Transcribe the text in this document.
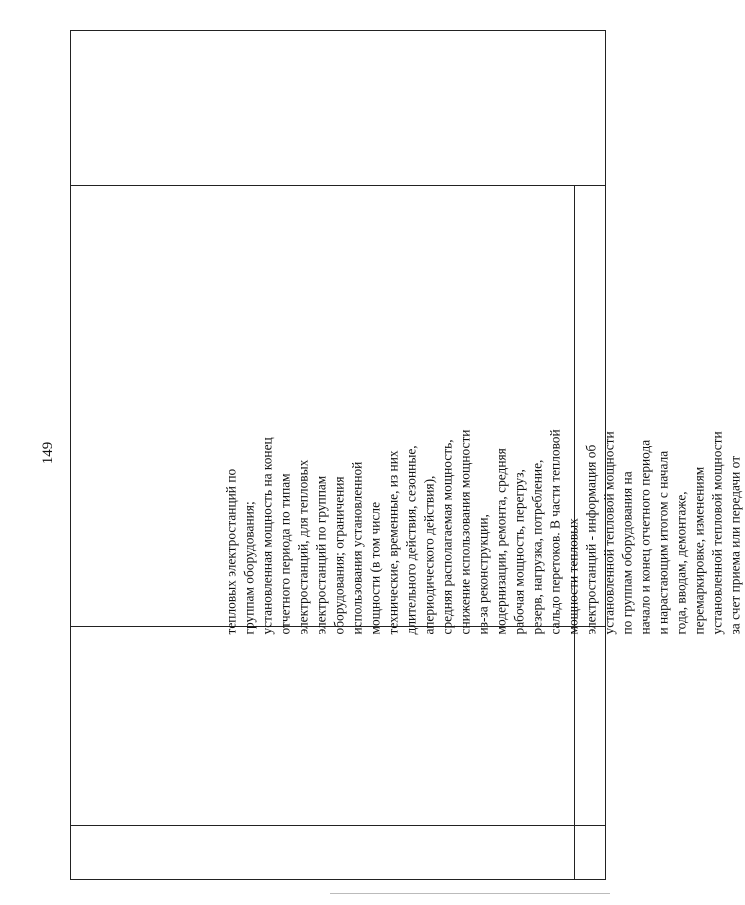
149
тепловых электростанций по группам оборудования; установленная мощность на конец отчетного периода по типам электростанций, для тепловых электростанций по группам оборудования; ограничения использования установленной мощности (в том числе технические, временные, из них длительного действия, сезонные, апериодического действия), средняя располагаемая мощность, снижение использования мощности из-за реконструкции, модернизации, ремонта, средняя рабочая мощность, перегруз, резерв, нагрузка, потребление, сальдо перетоков. В части тепловой мощности тепловых электростанций - информация об установленной тепловой мощности по группам оборудования на начало и конец отчетного периода и нарастающим итогом с начала года, вводам, демонтаже, перемаркировке, изменениям установленной тепловой мощности за счет приема или передачи от
